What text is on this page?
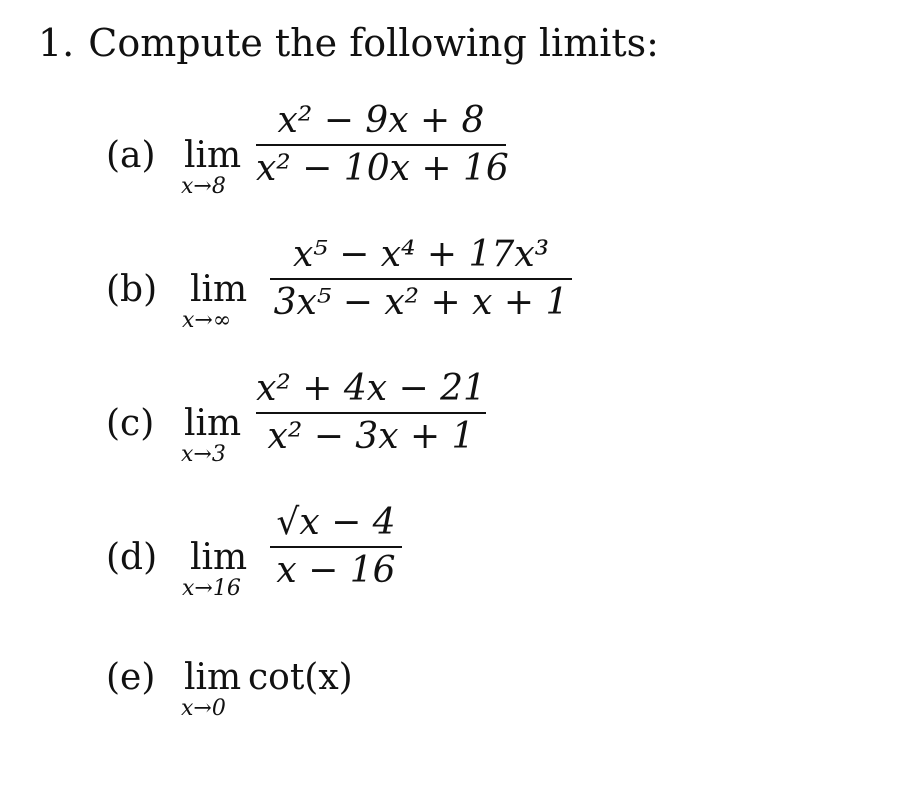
1. Compute the following limits:
(a) lim
x→8
x² − 9x + 8
x² − 10x + 16
(b) lim
x→∞
x⁵ − x⁴ + 17x³
3x⁵ − x² + x + 1
(c) lim
x→3
x² + 4x − 21
x² − 3x + 1
(d) lim
x→16
√x − 4
x − 16
(e) lim
x→0
cot(x)
